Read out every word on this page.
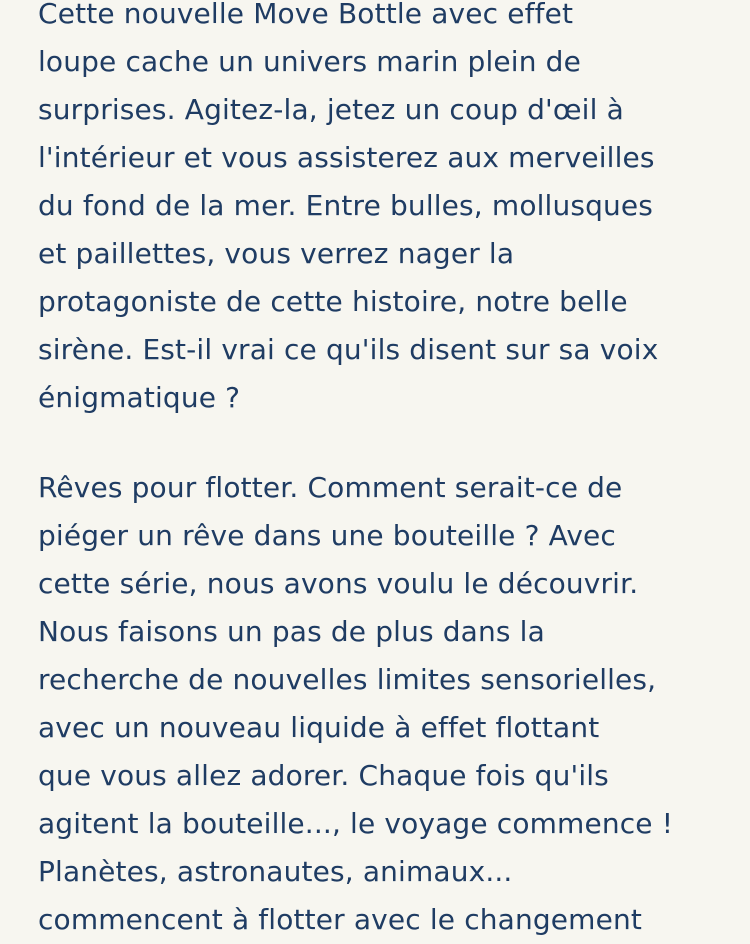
Cette nouvelle Move Bottle avec effet
loupe cache un univers marin plein de
surprises. Agitez-la, jetez un coup d'œil à
l'intérieur et vous assisterez aux merveilles
du fond de la mer. Entre bulles, mollusques
et paillettes, vous verrez nager la
protagoniste de cette histoire, notre belle
sirène. Est-il vrai ce qu'ils disent sur sa voix
énigmatique ?

Rêves pour flotter. Comment serait-ce de
piéger un rêve dans une bouteille ? Avec
cette série, nous avons voulu le découvrir.
Nous faisons un pas de plus dans la
recherche de nouvelles limites sensorielles,
avec un nouveau liquide à effet flottant
que vous allez adorer. Chaque fois qu'ils
agitent la bouteille..., le voyage commence !
Planètes, astronautes, animaux...
commencent à flotter avec le changement
